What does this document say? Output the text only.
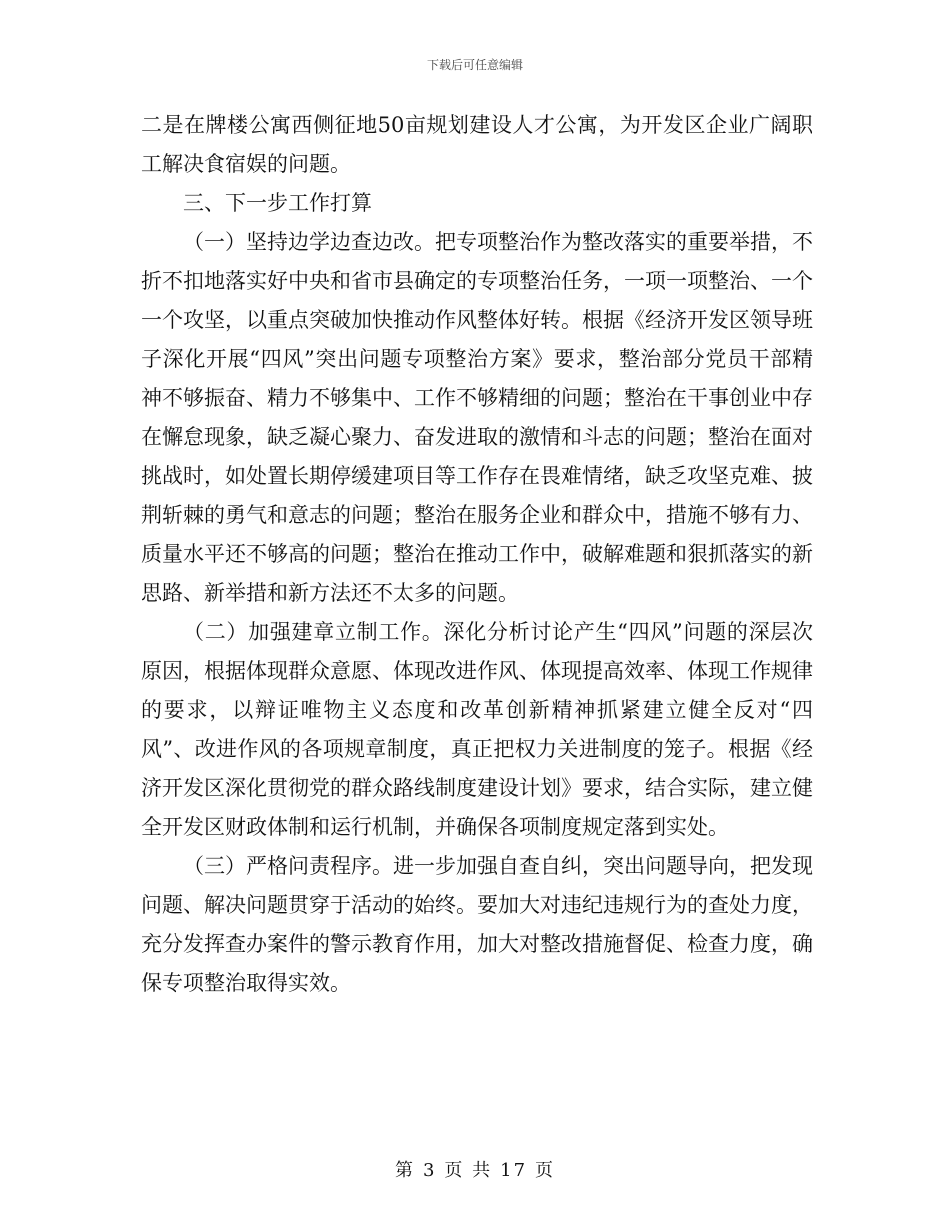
下载后可任意编辑

二是在牌楼公寓西侧征地50亩规划建设人才公寓，为开发区企业广阔职工解决食宿娱的问题。

三、下一步工作打算

（一）坚持边学边查边改。把专项整治作为整改落实的重要举措，不折不扣地落实好中央和省市县确定的专项整治任务，一项一项整治、一个一个攻坚，以重点突破加快推动作风整体好转。根据《经济开发区领导班子深化开展“四风”突出问题专项整治方案》要求，整治部分党员干部精神不够振奋、精力不够集中、工作不够精细的问题；整治在干事创业中存在懈怠现象，缺乏凝心聚力、奋发进取的激情和斗志的问题；整治在面对挑战时，如处置长期停缓建项目等工作存在畏难情绪，缺乏攻坚克难、披荆斩棘的勇气和意志的问题；整治在服务企业和群众中，措施不够有力、质量水平还不够高的问题；整治在推动工作中，破解难题和狠抓落实的新思路、新举措和新方法还不太多的问题。

（二）加强建章立制工作。深化分析讨论产生“四风”问题的深层次原因，根据体现群众意愿、体现改进作风、体现提高效率、体现工作规律的要求，以辩证唯物主义态度和改革创新精神抓紧建立健全反对“四风”、改进作风的各项规章制度，真正把权力关进制度的笼子。根据《经济开发区深化贯彻党的群众路线制度建设计划》要求，结合实际，建立健全开发区财政体制和运行机制，并确保各项制度规定落到实处。

（三）严格问责程序。进一步加强自查自纠，突出问题导向，把发现问题、解决问题贯穿于活动的始终。要加大对违纪违规行为的查处力度，充分发挥查办案件的警示教育作用，加大对整改措施督促、检查力度，确保专项整治取得实效。

第 3 页 共 17 页
